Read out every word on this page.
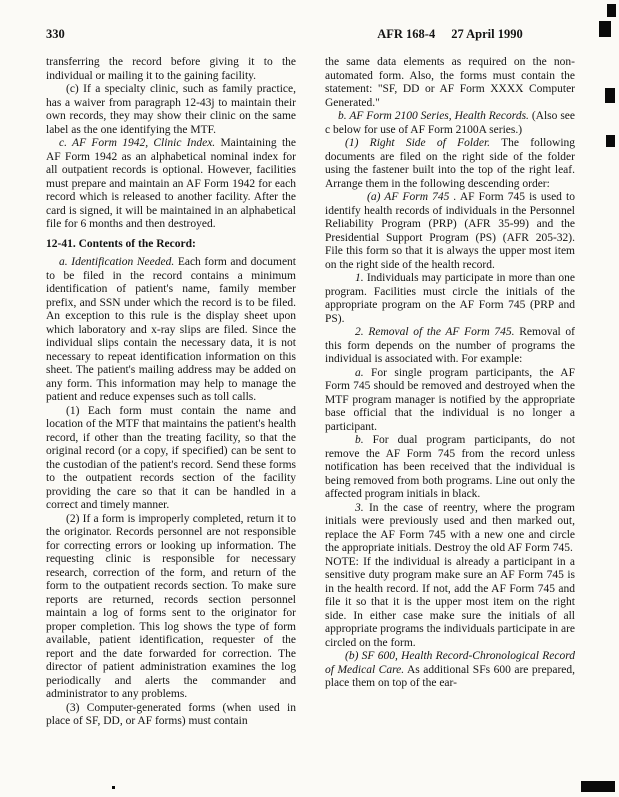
330	AFR 168-4 27 April 1990

transferring the record before giving it to the individual or mailing it to the gaining facility.

(c) If a specialty clinic, such as family practice, has a waiver from paragraph 12-43j to maintain their own records, they may show their clinic on the same label as the one identifying the MTF.

c. AF Form 1942, Clinic Index. Maintaining the AF Form 1942 as an alphabetical nominal index for all outpatient records is optional. However, facilities must prepare and maintain an AF Form 1942 for each record which is released to another facility. After the card is signed, it will be maintained in an alphabetical file for 6 months and then destroyed.

12-41. Contents of the Record:

a. Identification Needed. Each form and document to be filed in the record contains a minimum identification of patient's name, family member prefix, and SSN under which the record is to be filed. An exception to this rule is the display sheet upon which laboratory and x-ray slips are filed. Since the individual slips contain the necessary data, it is not necessary to repeat identification information on this sheet. The patient's mailing address may be added on any form. This information may help to manage the patient and reduce expenses such as toll calls.

(1) Each form must contain the name and location of the MTF that maintains the patient's health record, if other than the treating facility, so that the original record (or a copy, if specified) can be sent to the custodian of the patient's record. Send these forms to the outpatient records section of the facility providing the care so that it can be handled in a correct and timely manner.

(2) If a form is improperly completed, return it to the originator. Records personnel are not responsible for correcting errors or looking up information. The requesting clinic is responsible for necessary research, correction of the form, and return of the form to the outpatient records section. To make sure reports are returned, records section personnel maintain a log of forms sent to the originator for proper completion. This log shows the type of form available, patient identification, requester of the report and the date forwarded for correction. The director of patient administration examines the log periodically and alerts the commander and administrator to any problems.

(3) Computer-generated forms (when used in place of SF, DD, or AF forms) must contain

the same data elements as required on the non-automated form. Also, the forms must contain the statement: "SF, DD or AF Form XXXX Computer Generated."

b. AF Form 2100 Series, Health Records. (Also see c below for use of AF Form 2100A series.)

(1) Right Side of Folder. The following documents are filed on the right side of the folder using the fastener built into the top of the right leaf. Arrange them in the following descending order:

(a) AF Form 745 . AF Form 745 is used to identify health records of individuals in the Personnel Reliability Program (PRP) (AFR 35-99) and the Presidential Support Program (PS) (AFR 205-32). File this form so that it is always the upper most item on the right side of the health record.

1. Individuals may participate in more than one program. Facilities must circle the initials of the appropriate program on the AF Form 745 (PRP and PS).

2. Removal of the AF Form 745. Removal of this form depends on the number of programs the individual is associated with. For example:

a. For single program participants, the AF Form 745 should be removed and destroyed when the MTF program manager is notified by the appropriate base official that the individual is no longer a participant.

b. For dual program participants, do not remove the AF Form 745 from the record unless notification has been received that the individual is being removed from both programs. Line out only the affected program initials in black.

3. In the case of reentry, where the program initials were previously used and then marked out, replace the AF Form 745 with a new one and circle the appropriate initials. Destroy the old AF Form 745.

NOTE: If the individual is already a participant in a sensitive duty program make sure an AF Form 745 is in the health record. If not, add the AF Form 745 and file it so that it is the upper most item on the right side. In either case make sure the initials of all appropriate programs the individuals participate in are circled on the form.

(b) SF 600, Health Record-Chronological Record of Medical Care. As additional SFs 600 are prepared, place them on top of the ear-
